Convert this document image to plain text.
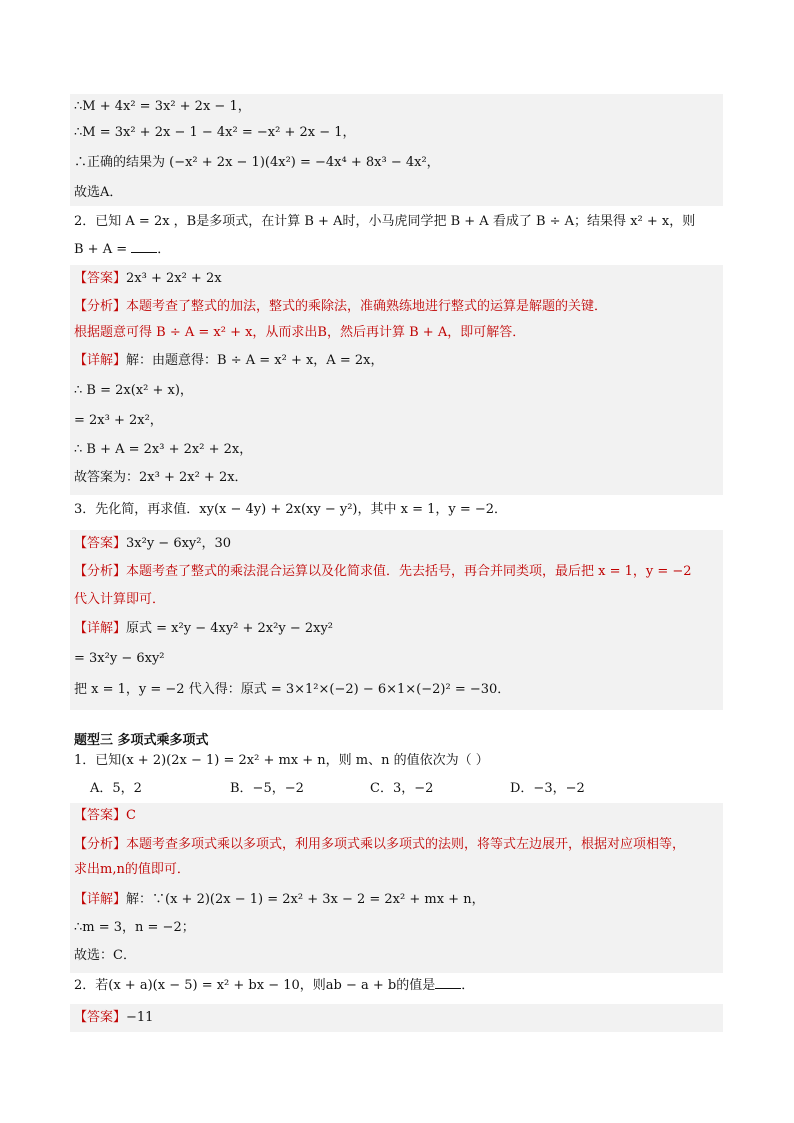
∴M + 4x² = 3x² + 2x − 1，
∴M = 3x² + 2x − 1 − 4x² = −x² + 2x − 1，
∴正确的结果为 (−x² + 2x − 1)(4x²) = −4x⁴ + 8x³ − 4x²，
故选A．
2．已知 A = 2x ，B是多项式，在计算 B + A时，小马虎同学把 B + A 看成了 B ÷ A；结果得 x² + x，则
B + A = ．
【答案】2x³ + 2x² + 2x
【分析】本题考查了整式的加法，整式的乘除法，准确熟练地进行整式的运算是解题的关键．
根据题意可得 B ÷ A = x² + x，从而求出B，然后再计算 B + A，即可解答．
【详解】解：由题意得：B ÷ A = x² + x，A = 2x，
∴ B = 2x(x² + x)，
= 2x³ + 2x²，
∴ B + A = 2x³ + 2x² + 2x，
故答案为：2x³ + 2x² + 2x．
3．先化简，再求值．xy(x − 4y) + 2x(xy − y²)，其中 x = 1，y = −2．
【答案】3x²y − 6xy²，30
【分析】本题考查了整式的乘法混合运算以及化简求值．先去括号，再合并同类项，最后把 x = 1，y = −2
代入计算即可．
【详解】原式 = x²y − 4xy² + 2x²y − 2xy²
= 3x²y − 6xy²
把 x = 1，y = −2 代入得：原式 = 3×1²×(−2) − 6×1×(−2)² = −30．
题型三 多项式乘多项式
1．已知(x + 2)(2x − 1) = 2x² + mx + n，则 m、n 的值依次为（ ）
A．5，2	B．−5，−2	C．3，−2	D．−3，−2
【答案】C
【分析】本题考查多项式乘以多项式，利用多项式乘以多项式的法则，将等式左边展开，根据对应项相等，
求出m,n的值即可．
【详解】解：∵(x + 2)(2x − 1) = 2x² + 3x − 2 = 2x² + mx + n，
∴m = 3，n = −2；
故选：C．
2．若(x + a)(x − 5) = x² + bx − 10，则ab − a + b的值是 ．
【答案】−11
